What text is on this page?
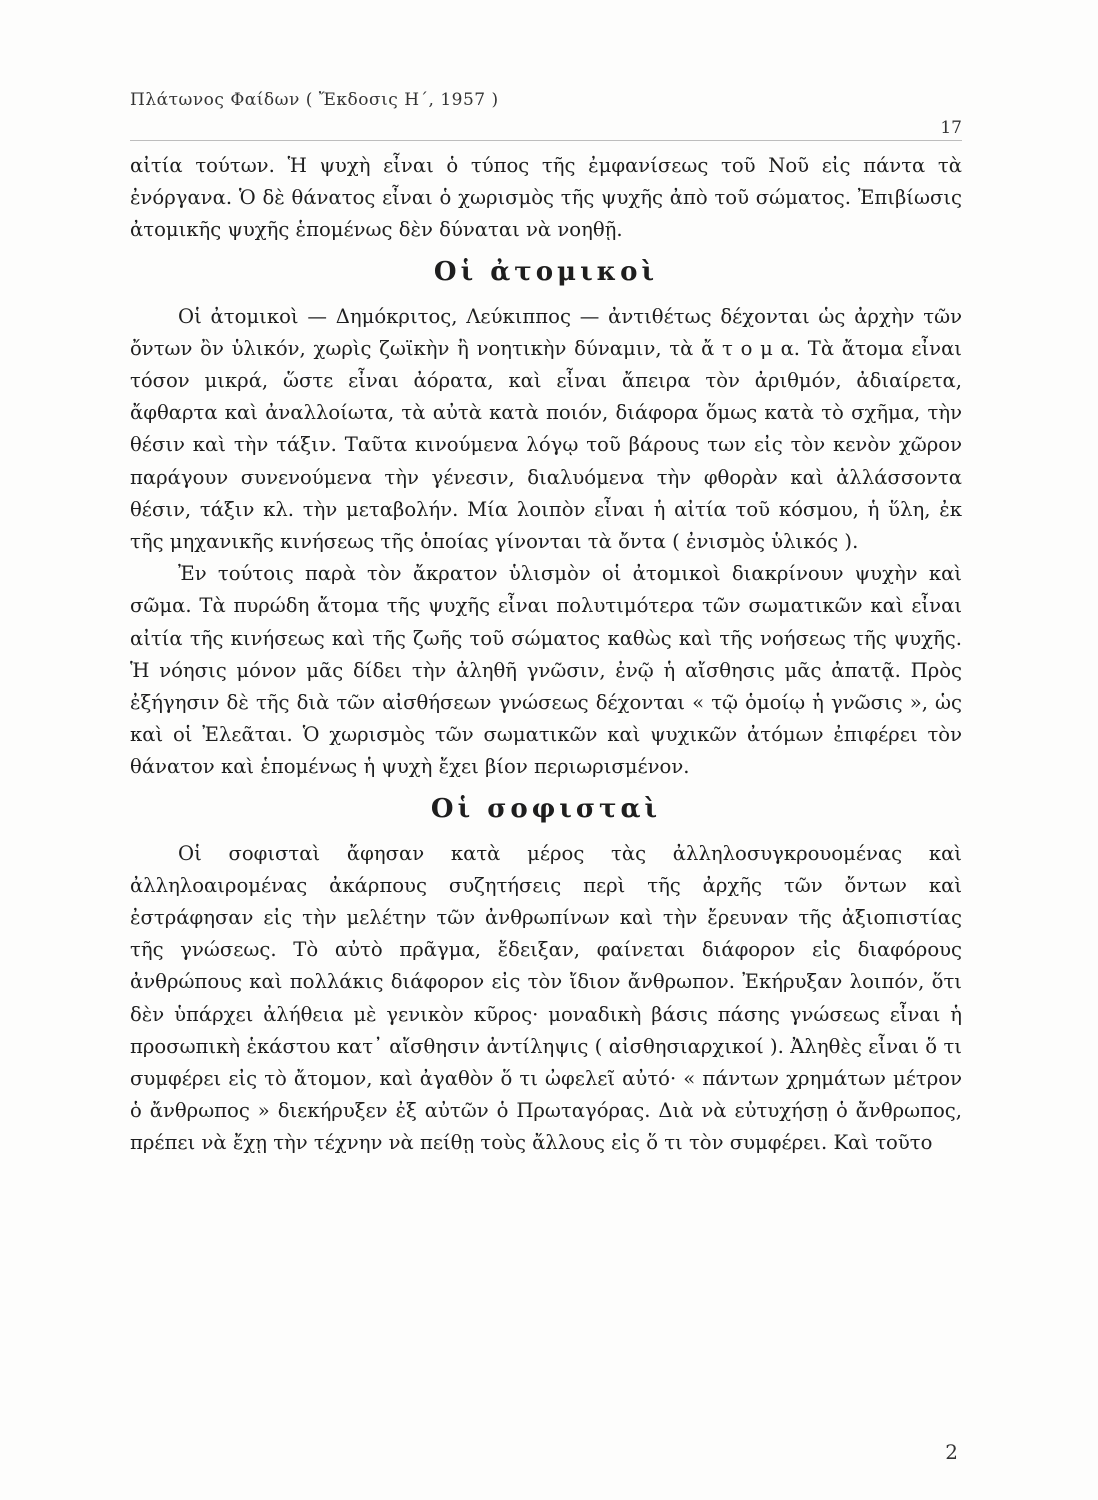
Πλάτωνος Φαίδων ( Ἔκδοσις Η΄, 1957 )
17

αἰτία τούτων. Ἡ ψυχὴ εἶναι ὁ τύπος τῆς ἐμφανίσεως τοῦ Νοῦ εἰς πάντα τὰ ἐνόργανα. Ὁ δὲ θάνατος εἶναι ὁ χωρισμὸς τῆς ψυχῆς ἀπὸ τοῦ σώματος. Ἐπιβίωσις ἀτομικῆς ψυχῆς ἑπομένως δὲν δύναται νὰ νοηθῇ.

Οἱ ἀτομικοὶ

Οἱ ἀτομικοὶ — Δημόκριτος, Λεύκιππος — ἀντιθέτως δέχονται ὡς ἀρχὴν τῶν ὄντων ὂν ὑλικόν, χωρὶς ζωϊκὴν ἢ νοητικὴν δύναμιν, τὰ ἄ τ ο μ α. Τὰ ἄτομα εἶναι τόσον μικρά, ὥστε εἶναι ἀόρατα, καὶ εἶναι ἄπειρα τὸν ἀριθμόν, ἀδιαίρετα, ἄφθαρτα καὶ ἀναλλοίωτα, τὰ αὐτὰ κατὰ ποιόν, διάφορα ὅμως κατὰ τὸ σχῆμα, τὴν θέσιν καὶ τὴν τάξιν. Ταῦτα κινούμενα λόγῳ τοῦ βάρους των εἰς τὸν κενὸν χῶρον παράγουν συνενούμενα τὴν γένεσιν, διαλυόμενα τὴν φθορὰν καὶ ἀλλάσσοντα θέσιν, τάξιν κλ. τὴν μεταβολήν. Μία λοιπὸν εἶναι ἡ αἰτία τοῦ κόσμου, ἡ ὕλη, ἐκ τῆς μηχανικῆς κινήσεως τῆς ὁποίας γίνονται τὰ ὄντα ( ἐνισμὸς ὑλικός ).

Ἐν τούτοις παρὰ τὸν ἄκρατον ὑλισμὸν οἱ ἀτομικοὶ διακρίνουν ψυχὴν καὶ σῶμα. Τὰ πυρώδη ἄτομα τῆς ψυχῆς εἶναι πολυτιμότερα τῶν σωματικῶν καὶ εἶναι αἰτία τῆς κινήσεως καὶ τῆς ζωῆς τοῦ σώματος καθὼς καὶ τῆς νοήσεως τῆς ψυχῆς. Ἡ νόησις μόνον μᾶς δίδει τὴν ἀληθῆ γνῶσιν, ἐνῷ ἡ αἴσθησις μᾶς ἀπατᾷ. Πρὸς ἐξήγησιν δὲ τῆς διὰ τῶν αἰσθήσεων γνώσεως δέχονται « τῷ ὁμοίῳ ἡ γνῶσις », ὡς καὶ οἱ Ἐλεᾶται. Ὁ χωρισμὸς τῶν σωματικῶν καὶ ψυχικῶν ἀτόμων ἐπιφέρει τὸν θάνατον καὶ ἑπομένως ἡ ψυχὴ ἔχει βίον περιωρισμένον.

Οἱ σοφισταὶ

Οἱ σοφισταὶ ἄφησαν κατὰ μέρος τὰς ἀλληλοσυγκρουομένας καὶ ἀλληλοαιρομένας ἀκάρπους συζητήσεις περὶ τῆς ἀρχῆς τῶν ὄντων καὶ ἐστράφησαν εἰς τὴν μελέτην τῶν ἀνθρωπίνων καὶ τὴν ἔρευναν τῆς ἀξιοπιστίας τῆς γνώσεως. Τὸ αὐτὸ πρᾶγμα, ἔδειξαν, φαίνεται διάφορον εἰς διαφόρους ἀνθρώπους καὶ πολλάκις διάφορον εἰς τὸν ἴδιον ἄνθρωπον. Ἐκήρυξαν λοιπόν, ὅτι δὲν ὑπάρχει ἀλήθεια μὲ γενικὸν κῦρος· μοναδικὴ βάσις πάσης γνώσεως εἶναι ἡ προσωπικὴ ἑκάστου κατ᾽ αἴσθησιν ἀντίληψις ( αἰσθησιαρχικοί ). Ἀληθὲς εἶναι ὅ τι συμφέρει εἰς τὸ ἄτομον, καὶ ἀγαθὸν ὅ τι ὠφελεῖ αὐτό· « πάντων χρημάτων μέτρον ὁ ἄνθρωπος » διεκήρυξεν ἐξ αὐτῶν ὁ Πρωταγόρας. Διὰ νὰ εὐτυχήσῃ ὁ ἄνθρωπος, πρέπει νὰ ἔχῃ τὴν τέχνην νὰ πείθῃ τοὺς ἄλλους εἰς ὅ τι τὸν συμφέρει. Καὶ τοῦτο

2
